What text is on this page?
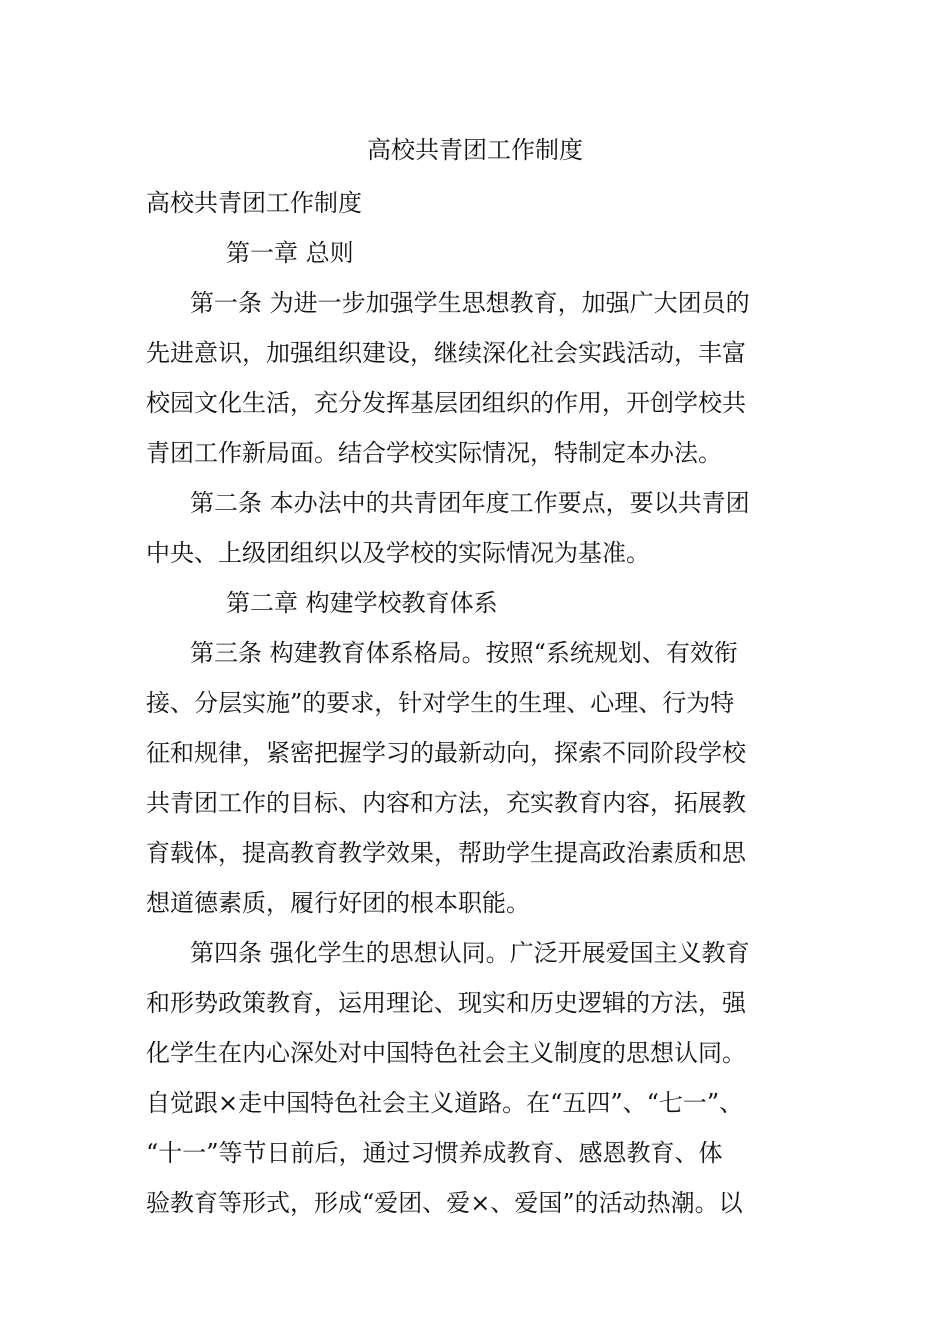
高校共青团工作制度
高校共青团工作制度
第一章 总则
第一条 为进一步加强学生思想教育，加强广大团员的
先进意识，加强组织建设，继续深化社会实践活动，丰富
校园文化生活，充分发挥基层团组织的作用，开创学校共
青团工作新局面。结合学校实际情况，特制定本办法。
第二条 本办法中的共青团年度工作要点，要以共青团
中央、上级团组织以及学校的实际情况为基准。
第二章 构建学校教育体系
第三条 构建教育体系格局。按照“系统规划、有效衔
接、分层实施”的要求，针对学生的生理、心理、行为特
征和规律，紧密把握学习的最新动向，探索不同阶段学校
共青团工作的目标、内容和方法，充实教育内容，拓展教
育载体，提高教育教学效果，帮助学生提高政治素质和思
想道德素质，履行好团的根本职能。
第四条 强化学生的思想认同。广泛开展爱国主义教育
和形势政策教育，运用理论、现实和历史逻辑的方法，强
化学生在内心深处对中国特色社会主义制度的思想认同。
自觉跟×走中国特色社会主义道路。在“五四”、“七一”、
“十一”等节日前后，通过习惯养成教育、感恩教育、体
验教育等形式，形成“爱团、爱×、爱国”的活动热潮。以
